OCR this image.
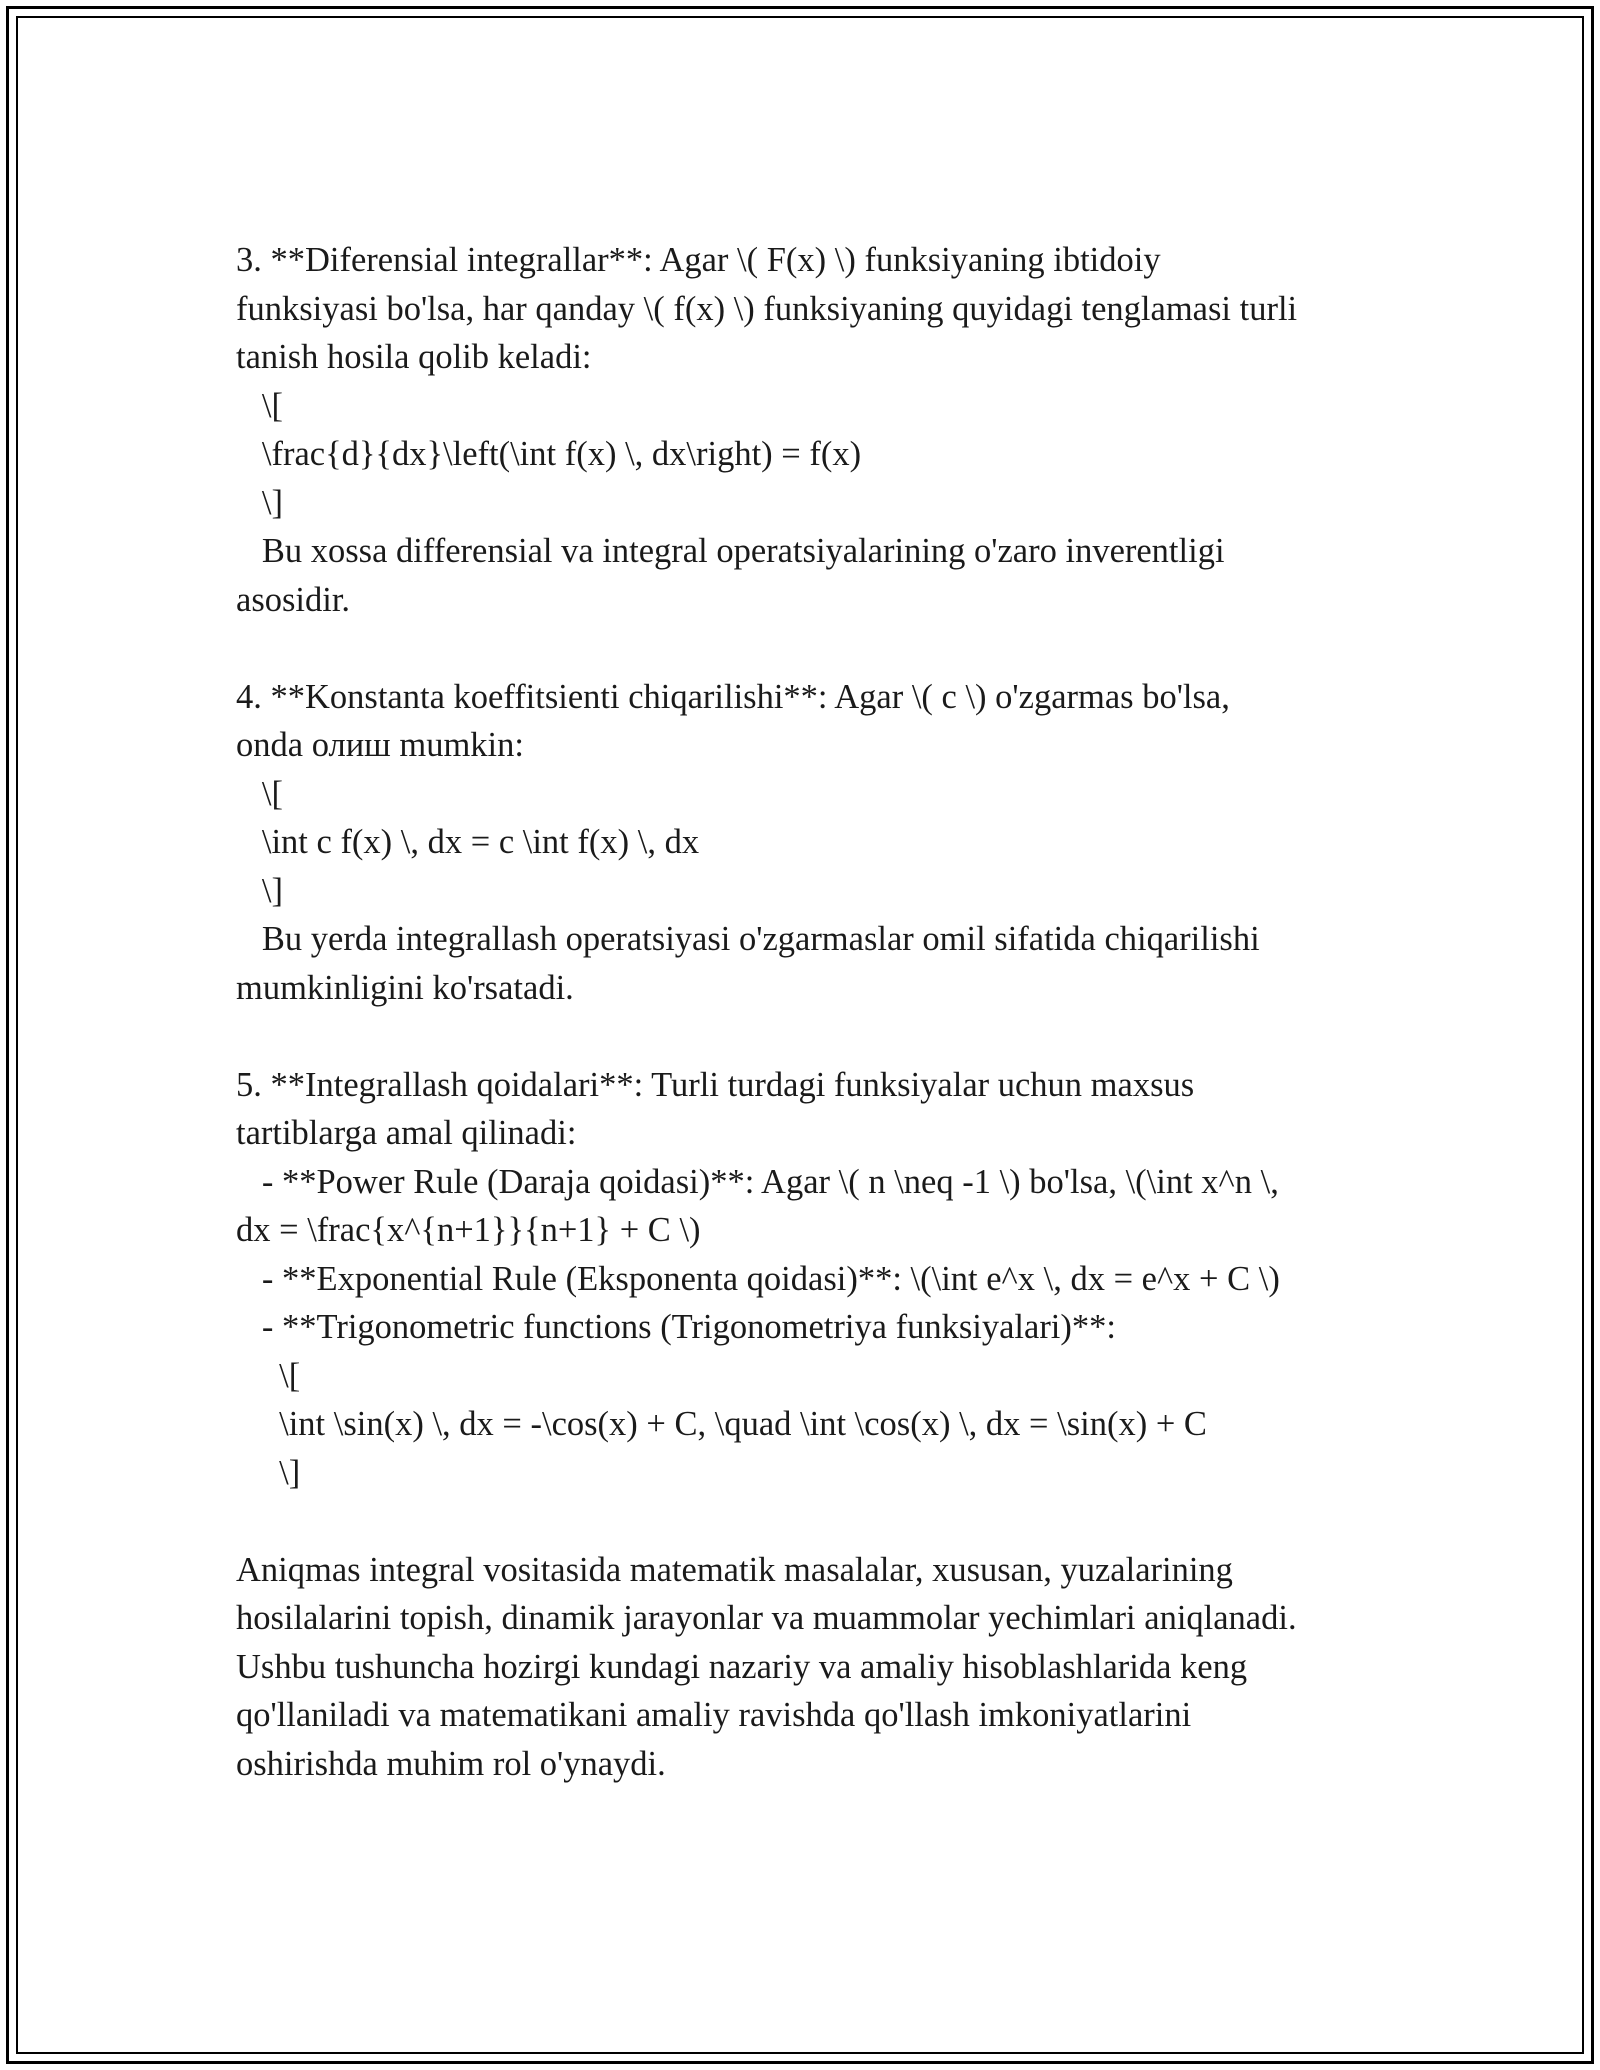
3. **Diferensial integrallar**: Agar \( F(x) \) funksiyaning ibtidoiy
funksiyasi bo'lsa, har qanday \( f(x) \) funksiyaning quyidagi tenglamasi turli
tanish hosila qolib keladi:
\[
\frac{d}{dx}\left(\int f(x) \, dx\right) = f(x)
\]
Bu xossa differensial va integral operatsiyalarining o'zaro inverentligi
asosidir.
4. **Konstanta koeffitsienti chiqarilishi**: Agar \( c \) o'zgarmas bo'lsa,
onda олиш mumkin:
\[
\int c f(x) \, dx = c \int f(x) \, dx
\]
Bu yerda integrallash operatsiyasi o'zgarmaslar omil sifatida chiqarilishi
mumkinligini ko'rsatadi.
5. **Integrallash qoidalari**: Turli turdagi funksiyalar uchun maxsus
tartiblarga amal qilinadi:
- **Power Rule (Daraja qoidasi)**: Agar \( n \neq -1 \) bo'lsa, \(\int x^n \,
dx = \frac{x^{n+1}}{n+1} + C \)
- **Exponential Rule (Eksponenta qoidasi)**: \(\int e^x \, dx = e^x + C \)
- **Trigonometric functions (Trigonometriya funksiyalari)**:
\[
\int \sin(x) \, dx = -\cos(x) + C, \quad \int \cos(x) \, dx = \sin(x) + C
\]
Aniqmas integral vositasida matematik masalalar, xususan, yuzalarining
hosilalarini topish, dinamik jarayonlar va muammolar yechimlari aniqlanadi.
Ushbu tushuncha hozirgi kundagi nazariy va amaliy hisoblashlarida keng
qo'llaniladi va matematikani amaliy ravishda qo'llash imkoniyatlarini
oshirishda muhim rol o'ynaydi.
